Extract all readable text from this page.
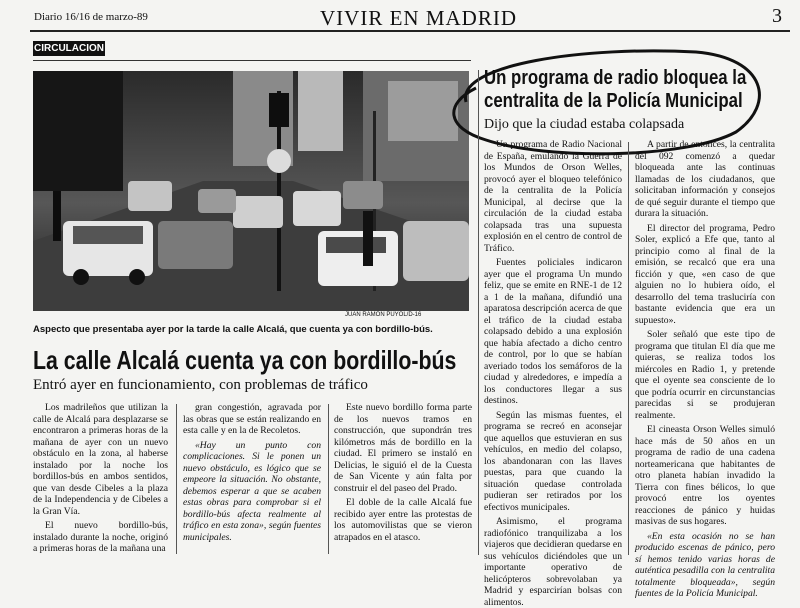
Diario 16/16 de marzo-89	VIVIR EN MADRID	3
CIRCULACION
JUAN RAMON PUYOL/D-16
Aspecto que presentaba ayer por la tarde la calle Alcalá, que cuenta ya con bordillo-bús.
La calle Alcalá cuenta ya con bordillo-bús
Entró ayer en funcionamiento, con problemas de tráfico

Los madrileños que utilizan la calle de Alcalá para desplazarse se encontraron a primeras horas de la mañana de ayer con un nuevo obstáculo en la zona, al haberse instalado por la noche los bordillos-bús en ambos sentidos, que van desde Cibeles a la plaza de la Independencia y de Cibeles a la Gran Vía.

El nuevo bordillo-bús, instalado durante la noche, originó a primeras horas de la mañana una

gran congestión, agravada por las obras que se están realizando en esta calle y en la de Recoletos.

«Hay un punto con complicaciones. Si le ponen un nuevo obstáculo, es lógico que se empeore la situación. No obstante, debemos esperar a que se acaben estas obras para comprobar si el bordillo-bús afecta realmente al tráfico en esta zona», según fuentes municipales.

Este nuevo bordillo forma parte de los nuevos tramos en construcción, que supondrán tres kilómetros más de bordillo en la ciudad. El primero se instaló en Delicias, le siguió el de la Cuesta de San Vicente y aún falta por construir el del paseo del Prado.

El doble de la calle Alcalá fue recibido ayer entre las protestas de los automovilistas que se vieron atrapados en el atasco.

Un programa de radio bloquea la
centralita de la Policía Municipal
Dijo que la ciudad estaba colapsada

Un programa de Radio Nacional de España, emulando la Guerra de los Mundos de Orson Welles, provocó ayer el bloqueo telefónico de la centralita de la Policía Municipal, al decirse que la circulación de la ciudad estaba colapsada tras una supuesta explosión en el centro de control de Tráfico.

Fuentes policiales indicaron ayer que el programa Un mundo feliz, que se emite en RNE-1 de 12 a 1 de la mañana, difundió una aparatosa descripción acerca de que el tráfico de la ciudad estaba colapsado debido a una explosión que había afectado a dicho centro de control, por lo que se habían averiado todos los semáforos de la ciudad y alrededores, e impedía a los conductores llegar a sus destinos.

Según las mismas fuentes, el programa se recreó en aconsejar que aquellos que estuvieran en sus vehículos, en medio del colapso, los abandonaran con las llaves puestas, para que cuando la situación quedase controlada pudieran ser retirados por los efectivos municipales.

Asimismo, el programa radiofónico tranquilizaba a los viajeros que decidieran quedarse en sus vehículos diciéndoles que un importante operativo de helicópteros sobrevolaban ya Madrid y esparcirían bolsas con alimentos.

A partir de entonces, la centralita del 092 comenzó a quedar bloqueada ante las continuas llamadas de los ciudadanos, que solicitaban información y consejos de qué seguir durante el tiempo que durara la situación.

El director del programa, Pedro Soler, explicó a Efe que, tanto al principio como al final de la emisión, se recalcó que era una ficción y que, «en caso de que alguien no lo hubiera oído, el desarrollo del tema trasluciría con bastante evidencia que era un supuesto».

Soler señaló que este tipo de programa que titulan El día que me quieras, se realiza todos los miércoles en Radio 1, y pretende que el oyente sea consciente de lo que podría ocurrir en circunstancias parecidas si se produjeran realmente.

El cineasta Orson Welles simuló hace más de 50 años en un programa de radio de una cadena norteamericana que habitantes de otro planeta habían invadido la Tierra con fines bélicos, lo que provocó entre los oyentes reacciones de pánico y huidas masivas de sus hogares.

«En esta ocasión no se han producido escenas de pánico, pero sí hemos tenido varias horas de auténtica pesadilla con la centralita totalmente bloqueada», según fuentes de la Policía Municipal.
